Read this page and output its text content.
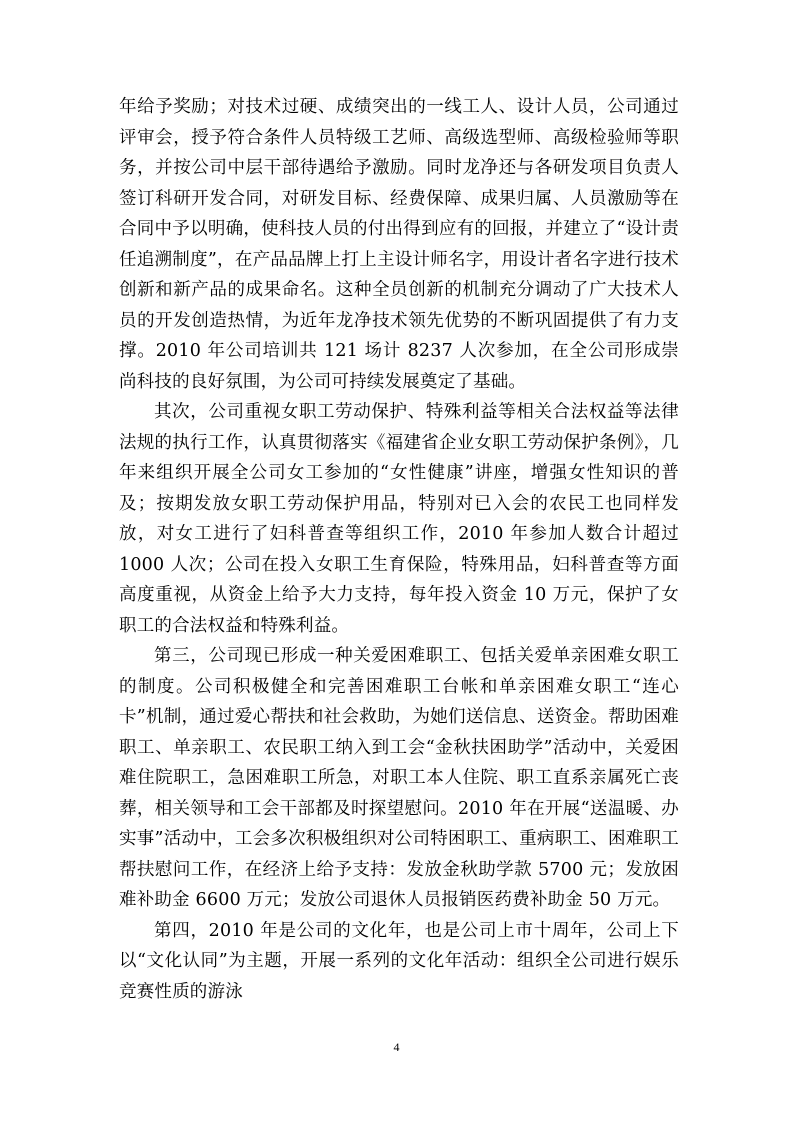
年给予奖励；对技术过硬、成绩突出的一线工人、设计人员，公司通过评审会，授予符合条件人员特级工艺师、高级选型师、高级检验师等职务，并按公司中层干部待遇给予激励。同时龙净还与各研发项目负责人签订科研开发合同，对研发目标、经费保障、成果归属、人员激励等在合同中予以明确，使科技人员的付出得到应有的回报，并建立了“设计责任追溯制度”，在产品品牌上打上主设计师名字，用设计者名字进行技术创新和新产品的成果命名。这种全员创新的机制充分调动了广大技术人员的开发创造热情，为近年龙净技术领先优势的不断巩固提供了有力支撑。2010 年公司培训共 121 场计 8237 人次参加，在全公司形成崇尚科技的良好氛围，为公司可持续发展奠定了基础。

其次，公司重视女职工劳动保护、特殊利益等相关合法权益等法律法规的执行工作，认真贯彻落实《福建省企业女职工劳动保护条例》，几年来组织开展全公司女工参加的“女性健康”讲座，增强女性知识的普及；按期发放女职工劳动保护用品，特别对已入会的农民工也同样发放，对女工进行了妇科普查等组织工作，2010 年参加人数合计超过 1000 人次；公司在投入女职工生育保险，特殊用品，妇科普查等方面高度重视，从资金上给予大力支持，每年投入资金 10 万元，保护了女职工的合法权益和特殊利益。

第三，公司现已形成一种关爱困难职工、包括关爱单亲困难女职工的制度。公司积极健全和完善困难职工台帐和单亲困难女职工“连心卡”机制，通过爱心帮扶和社会救助，为她们送信息、送资金。帮助困难职工、单亲职工、农民职工纳入到工会“金秋扶困助学”活动中，关爱困难住院职工，急困难职工所急，对职工本人住院、职工直系亲属死亡丧葬，相关领导和工会干部都及时探望慰问。2010 年在开展“送温暖、办实事”活动中，工会多次积极组织对公司特困职工、重病职工、困难职工帮扶慰问工作，在经济上给予支持：发放金秋助学款 5700 元；发放困难补助金 6600 万元；发放公司退休人员报销医药费补助金 50 万元。

第四，2010 年是公司的文化年，也是公司上市十周年，公司上下以“文化认同”为主题，开展一系列的文化年活动：组织全公司进行娱乐竞赛性质的游泳

4
